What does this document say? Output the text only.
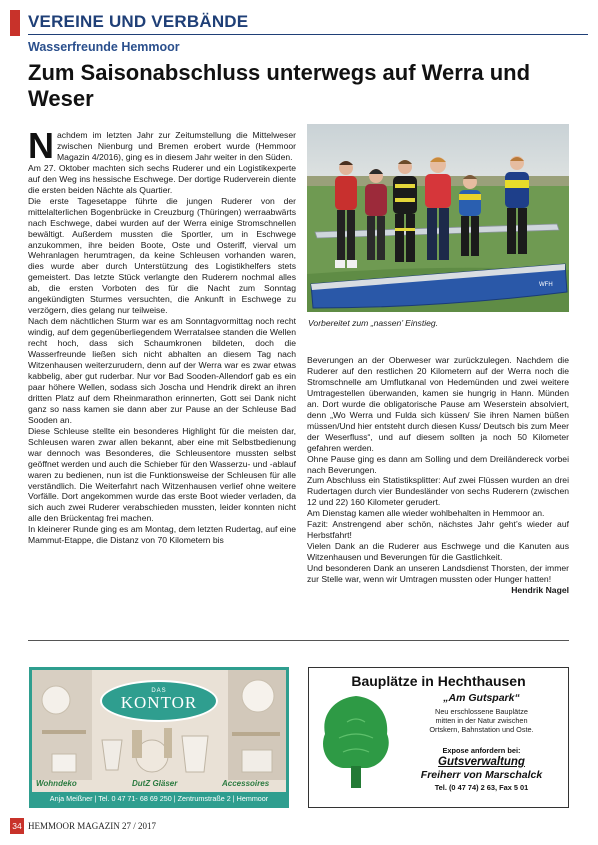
VEREINE UND VERBÄNDE
Wasserfreunde Hemmoor
Zum Saisonabschluss unterwegs auf Werra und Weser

Nachdem im letzten Jahr zur Zeitumstellung die Mittelweser zwischen Nienburg und Bremen erobert wurde (Hemmoor Magazin 4/2016), ging es in diesem Jahr weiter in den Süden.

Am 27. Oktober machten sich sechs Ruderer und ein Logistikexperte auf den Weg ins hessische Eschwege. Der dortige Ruderverein diente die ersten beiden Nächte als Quartier.

Die erste Tagesetappe führte die jungen Ruderer von der mittelalterlichen Bogenbrücke in Creuzburg (Thüringen) werraabwärts nach Eschwege, dabei wurden auf der Werra einige Stromschnellen bewältigt. Außerdem mussten die Sportler, um in Eschwege anzukommen, ihre beiden Boote, Oste und Osteriff, vierval um Wehranlagen herumtragen, da keine Schleusen vorhanden waren, dies wurde aber durch Unterstützung des Logistikhelfers stets gemeistert. Das letzte Stück verlangte den Ruderern nochmal alles ab, die ersten Vorboten des für die Nacht zum Sonntag angekündigten Sturmes versuchten, die Ankunft in Eschwege zu verzögern, dies gelang nur teilweise.

Nach dem nächtlichen Sturm war es am Sonntagvormittag noch recht windig, auf dem gegenüberliegendem Werratalsee standen die Wellen recht hoch, dass sich Schaumkronen bildeten, doch die Wasserfreunde ließen sich nicht abhalten an diesem Tag nach Witzenhausen weiterzurudern, denn auf der Werra war es zwar etwas kabbelig, aber gut ruderbar. Nur vor Bad Sooden-Allendorf gab es ein paar höhere Wellen, sodass sich Joscha und Hendrik direkt an ihren dritten Platz auf dem Rheinmarathon erinnerten, Gott sei Dank nicht ganz so nass kamen sie dann aber zur Pause an der Schleuse Bad Sooden an.

Diese Schleuse stellte ein besonderes Highlight für die meisten dar, Schleusen waren zwar allen bekannt, aber eine mit Selbstbedienung war dennoch was Besonderes, die Schleusentore mussten selbst geöffnet werden und auch die Schieber für den Wasserzu- und -ablauf waren zu bedienen, nun ist die Funktionsweise der Schleusen für alle verständlich. Die Weiterfahrt nach Witzenhausen verlief ohne weitere Vorfälle. Dort angekommen wurde das erste Boot wieder verladen, da sich auch zwei Ruderer verabschieden mussten, leider konnten nicht alle den Brückentag frei machen.

In kleinerer Runde ging es am Montag, dem letzten Rudertag, auf eine Mammut-Etappe, die Distanz von 70 Kilometern bis

WFH
Vorbereitet zum „nassen’ Einstieg.

Beverungen an der Oberweser war zurückzulegen. Nachdem die Ruderer auf den restlichen 20 Kilometern auf der Werra noch die Stromschnelle am Umflutkanal von Hedemünden und zwei weitere Umtragestellen überwanden, kamen sie hungrig in Hann. Münden an. Dort wurde die obligatorische Pause am Weserstein absolviert, denn „Wo Werra und Fulda sich küssen/ Sie ihren Namen büßen müssen/Und hier entsteht durch diesen Kuss/ Deutsch bis zum Meer der Weserfluss“, und auf diesem sollten ja noch 50 Kilometer gefahren werden.

Ohne Pause ging es dann am Solling und dem Dreiländereck vorbei nach Beverungen.

Zum Abschluss ein Statistiksplitter: Auf zwei Flüssen wurden an drei Rudertagen durch vier Bundesländer von sechs Ruderern (zwischen 12 und 22) 160 Kilometer gerudert.

Am Dienstag kamen alle wieder wohlbehalten in Hemmoor an.

Fazit: Anstrengend aber schön, nächstes Jahr geht’s wieder auf Herbstfahrt!

Vielen Dank an die Ruderer aus Eschwege und die Kanuten aus Witzenhausen und Beverungen für die Gastlichkeit.

Und besonderen Dank an unseren Landsdienst Thorsten, der immer zur Stelle war, wenn wir Umtragen mussten oder Hunger hatten!

Hendrik Nagel

DAS
KONTOR
Wohndeko	DutZ Gläser	Accessoires
Anja Meißner | Tel. 0 47 71- 68 69 250 | Zentrumstraße 2 | Hemmoor
Bauplätze in Hechthausen
„Am Gutspark“
Neu erschlossene Bauplätze
mitten in der Natur zwischen
Ortskern, Bahnstation und Oste.
Expose anfordern bei:
Gutsverwaltung
Freiherr von Marschalck
Tel. (0 47 74) 2 63, Fax 5 01
34 HEMMOOR MAGAZIN 27 / 2017
